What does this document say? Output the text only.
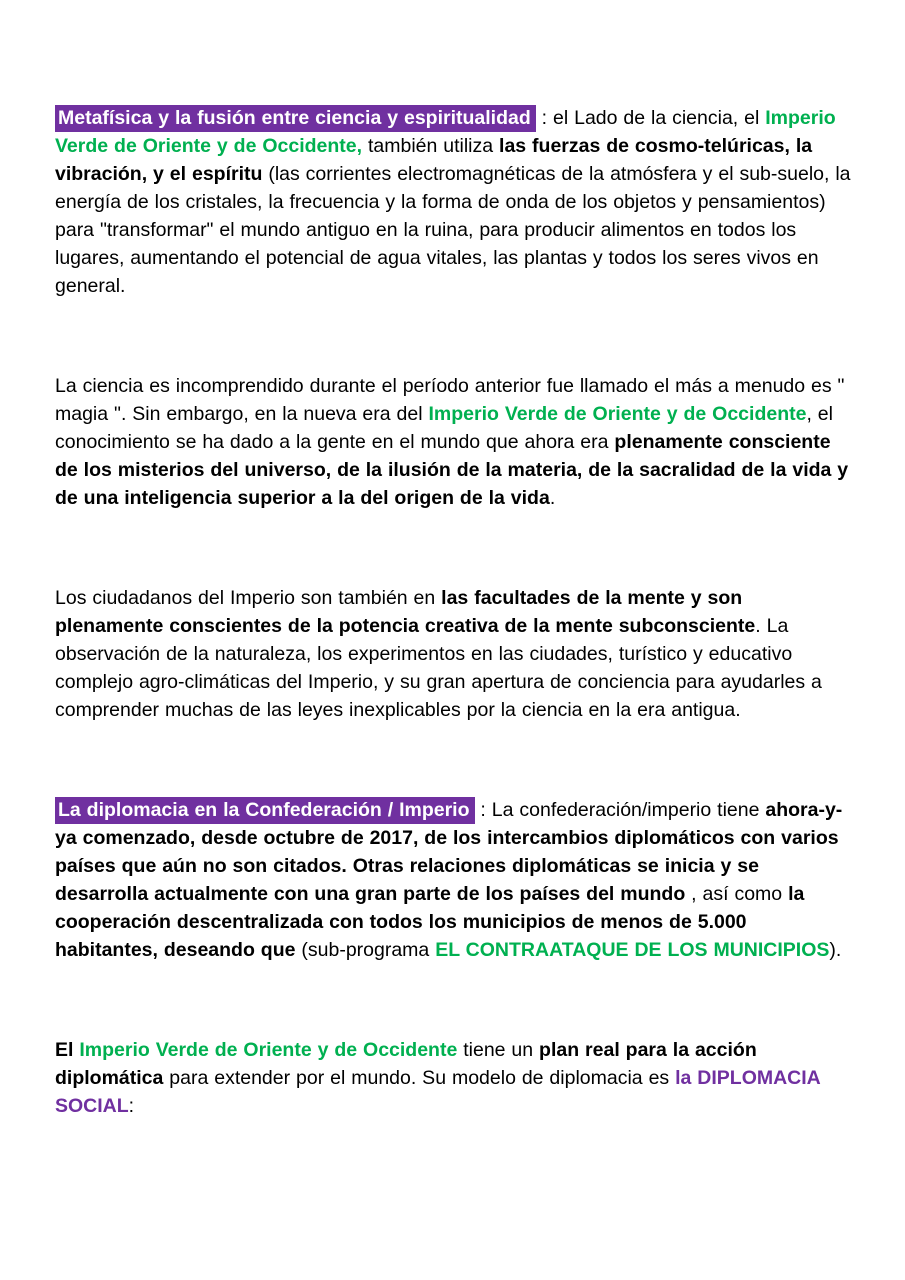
Metafísica y la fusión entre ciencia y espiritualidad : el Lado de la ciencia, el Imperio Verde de Oriente y de Occidente, también utiliza las fuerzas de cosmo-telúricas, la vibración, y el espíritu (las corrientes electromagnéticas de la atmósfera y el sub-suelo, la energía de los cristales, la frecuencia y la forma de onda de los objetos y pensamientos) para "transformar" el mundo antiguo en la ruina, para producir alimentos en todos los lugares, aumentando el potencial de agua vitales, las plantas y todos los seres vivos en general.

La ciencia es incomprendido durante el período anterior fue llamado el más a menudo es " magia ". Sin embargo, en la nueva era del Imperio Verde de Oriente y de Occidente, el conocimiento se ha dado a la gente en el mundo que ahora era plenamente consciente de los misterios del universo, de la ilusión de la materia, de la sacralidad de la vida y de una inteligencia superior a la del origen de la vida.

Los ciudadanos del Imperio son también en las facultades de la mente y son plenamente conscientes de la potencia creativa de la mente subconsciente. La observación de la naturaleza, los experimentos en las ciudades, turístico y educativo complejo agro-climáticas del Imperio, y su gran apertura de conciencia para ayudarles a comprender muchas de las leyes inexplicables por la ciencia en la era antigua.

La diplomacia en la Confederación / Imperio : La confederación/imperio tiene ahora-y-ya comenzado, desde octubre de 2017, de los intercambios diplomáticos con varios países que aún no son citados. Otras relaciones diplomáticas se inicia y se desarrolla actualmente con una gran parte de los países del mundo , así como la cooperación descentralizada con todos los municipios de menos de 5.000 habitantes, deseando que (sub-programa EL CONTRAATAQUE DE LOS MUNICIPIOS).

El Imperio Verde de Oriente y de Occidente tiene un plan real para la acción diplomática para extender por el mundo. Su modelo de diplomacia es la DIPLOMACIA SOCIAL:
